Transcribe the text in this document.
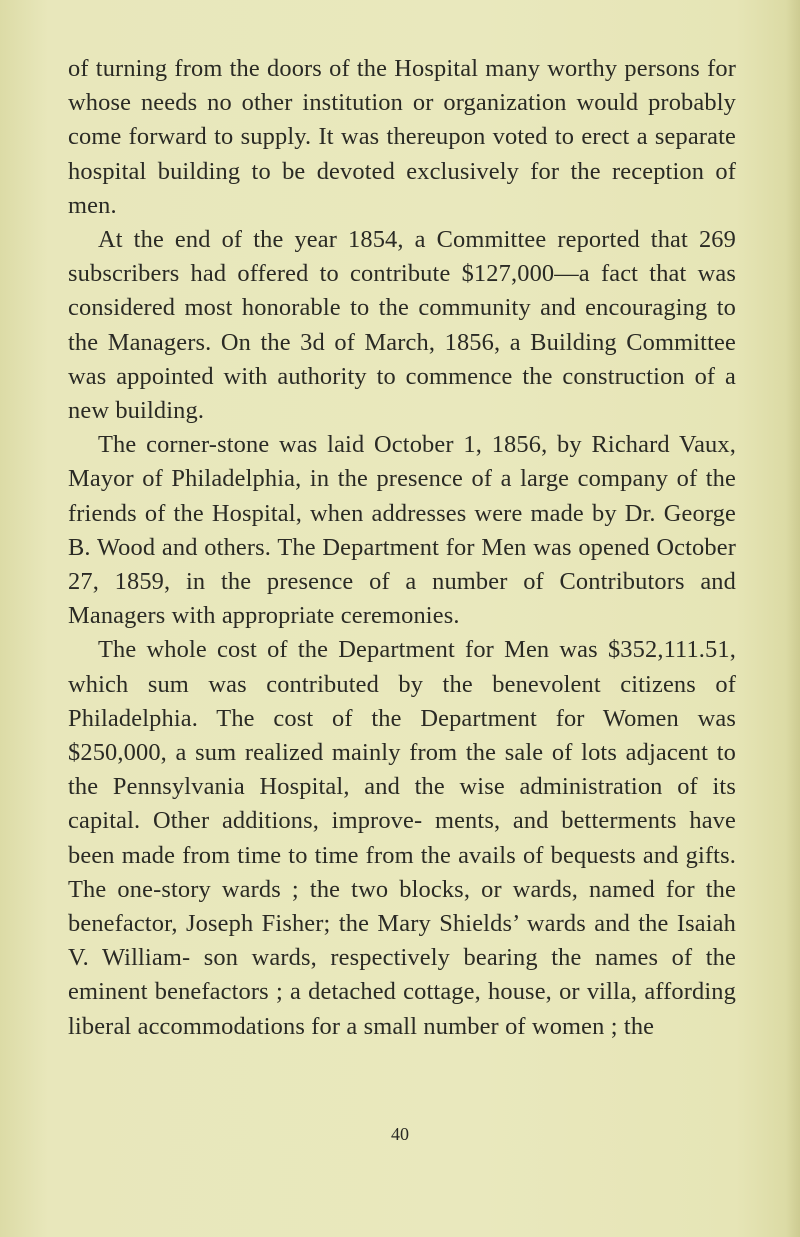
of turning from the doors of the Hospital many worthy persons for whose needs no other institution or organization would probably come forward to supply. It was thereupon voted to erect a separate hospital building to be devoted exclusively for the reception of men.

At the end of the year 1854, a Committee reported that 269 subscribers had offered to contribute $127,000—a fact that was considered most honorable to the community and encouraging to the Managers. On the 3d of March, 1856, a Building Committee was appointed with authority to commence the construction of a new building.

The corner-stone was laid October 1, 1856, by Richard Vaux, Mayor of Philadelphia, in the presence of a large company of the friends of the Hospital, when addresses were made by Dr. George B. Wood and others. The Department for Men was opened October 27, 1859, in the presence of a number of Contributors and Managers with appropriate ceremonies.

The whole cost of the Department for Men was $352,111.51, which sum was contributed by the benevolent citizens of Philadelphia. The cost of the Department for Women was $250,000, a sum realized mainly from the sale of lots adjacent to the Pennsylvania Hospital, and the wise administration of its capital. Other additions, improve- ments, and betterments have been made from time to time from the avails of bequests and gifts. The one-story wards ; the two blocks, or wards, named for the benefactor, Joseph Fisher; the Mary Shields’ wards and the Isaiah V. William- son wards, respectively bearing the names of the eminent benefactors ; a detached cottage, house, or villa, affording liberal accommodations for a small number of women ; the

40
